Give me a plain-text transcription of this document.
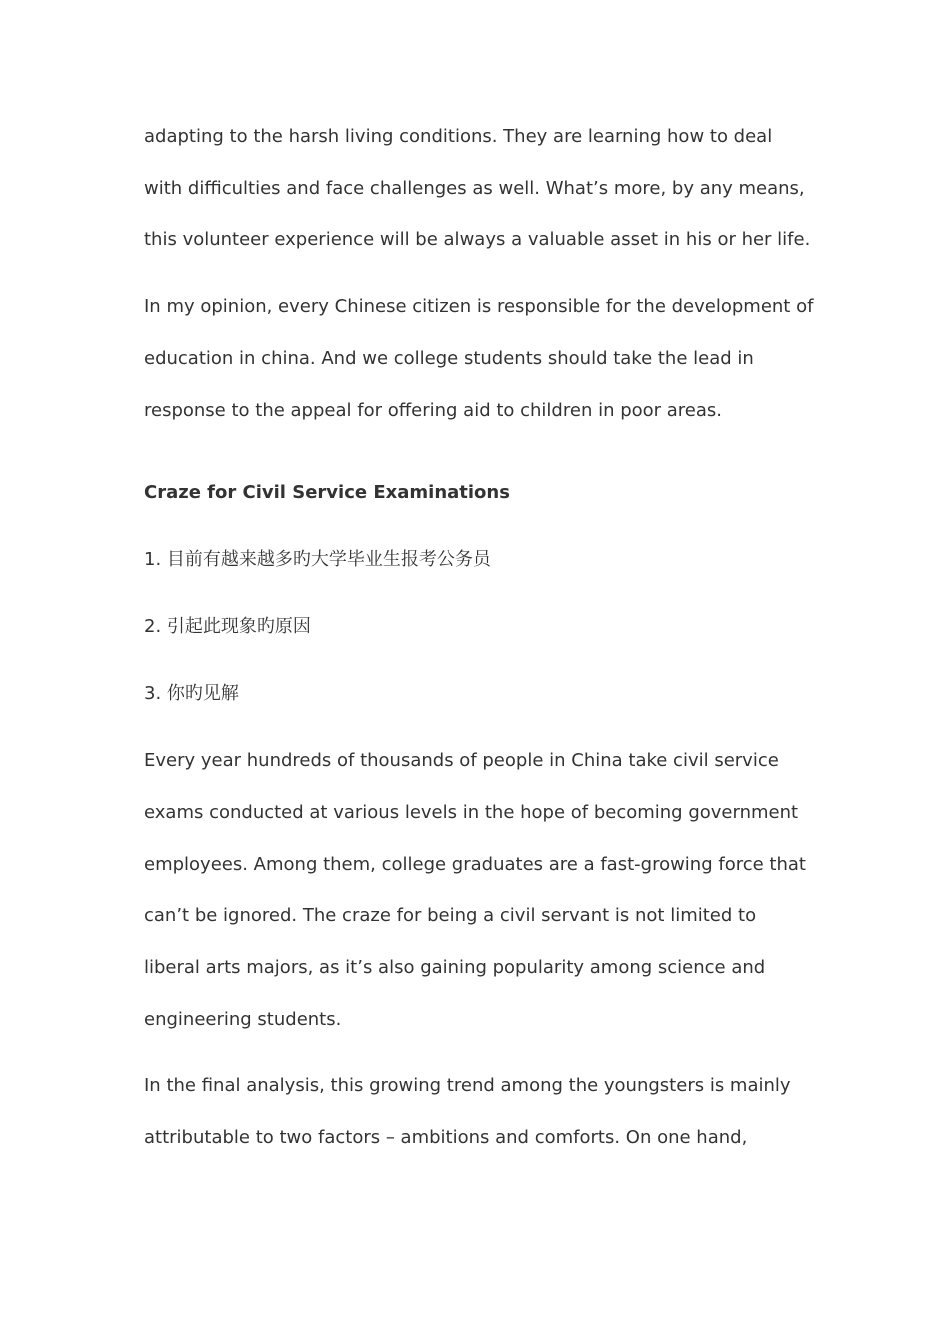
adapting to the harsh living conditions. They are learning how to deal with difficulties and face challenges as well. What’s more, by any means, this volunteer experience will be always a valuable asset in his or her life.

In my opinion, every Chinese citizen is responsible for the development of education in china. And we college students should take the lead in response to the appeal for offering aid to children in poor areas.

Craze for Civil Service Examinations
1. 目前有越来越多旳大学毕业生报考公务员
2. 引起此现象旳原因
3. 你旳见解

Every year hundreds of thousands of people in China take civil service exams conducted at various levels in the hope of becoming government employees. Among them, college graduates are a fast-growing force that can’t be ignored. The craze for being a civil servant is not limited to liberal arts majors, as it’s also gaining popularity among science and engineering students.

In the final analysis, this growing trend among the youngsters is mainly attributable to two factors – ambitions and comforts. On one hand,
